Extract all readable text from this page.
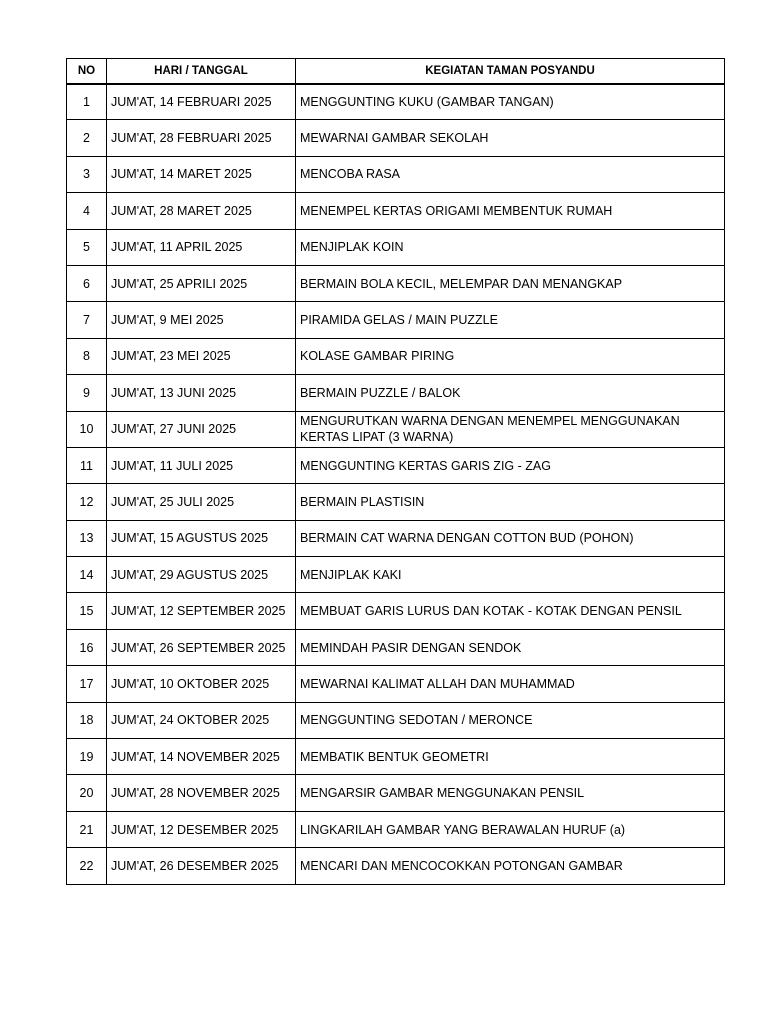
NO	HARI / TANGGAL	KEGIATAN TAMAN POSYANDU
1	JUM'AT, 14 FEBRUARI 2025	MENGGUNTING KUKU (GAMBAR TANGAN)
2	JUM'AT, 28 FEBRUARI 2025	MEWARNAI GAMBAR SEKOLAH
3	JUM'AT, 14 MARET 2025	MENCOBA RASA
4	JUM'AT, 28 MARET 2025	MENEMPEL KERTAS ORIGAMI MEMBENTUK RUMAH
5	JUM'AT, 11 APRIL 2025	MENJIPLAK KOIN
6	JUM'AT, 25 APRILI 2025	BERMAIN BOLA KECIL, MELEMPAR DAN MENANGKAP
7	JUM'AT, 9 MEI 2025	PIRAMIDA GELAS / MAIN PUZZLE
8	JUM'AT, 23 MEI 2025	KOLASE GAMBAR PIRING
9	JUM'AT, 13 JUNI 2025	BERMAIN PUZZLE / BALOK
10	JUM'AT, 27 JUNI 2025	MENGURUTKAN WARNA DENGAN MENEMPEL MENGGUNAKAN KERTAS LIPAT (3 WARNA)
11	JUM'AT, 11 JULI 2025	MENGGUNTING KERTAS GARIS ZIG - ZAG
12	JUM'AT, 25 JULI 2025	BERMAIN PLASTISIN
13	JUM'AT, 15 AGUSTUS 2025	BERMAIN CAT WARNA DENGAN COTTON BUD (POHON)
14	JUM'AT, 29 AGUSTUS 2025	MENJIPLAK KAKI
15	JUM'AT, 12 SEPTEMBER 2025	MEMBUAT GARIS LURUS DAN KOTAK - KOTAK DENGAN PENSIL
16	JUM'AT, 26 SEPTEMBER 2025	MEMINDAH PASIR DENGAN SENDOK
17	JUM'AT, 10 OKTOBER 2025	MEWARNAI KALIMAT ALLAH DAN MUHAMMAD
18	JUM'AT, 24 OKTOBER 2025	MENGGUNTING SEDOTAN / MERONCE
19	JUM'AT, 14 NOVEMBER 2025	MEMBATIK BENTUK GEOMETRI
20	JUM'AT, 28 NOVEMBER 2025	MENGARSIR GAMBAR MENGGUNAKAN PENSIL
21	JUM'AT, 12 DESEMBER 2025	LINGKARILAH GAMBAR YANG BERAWALAN HURUF (a)
22	JUM'AT, 26 DESEMBER 2025	MENCARI DAN MENCOCOKKAN POTONGAN GAMBAR
